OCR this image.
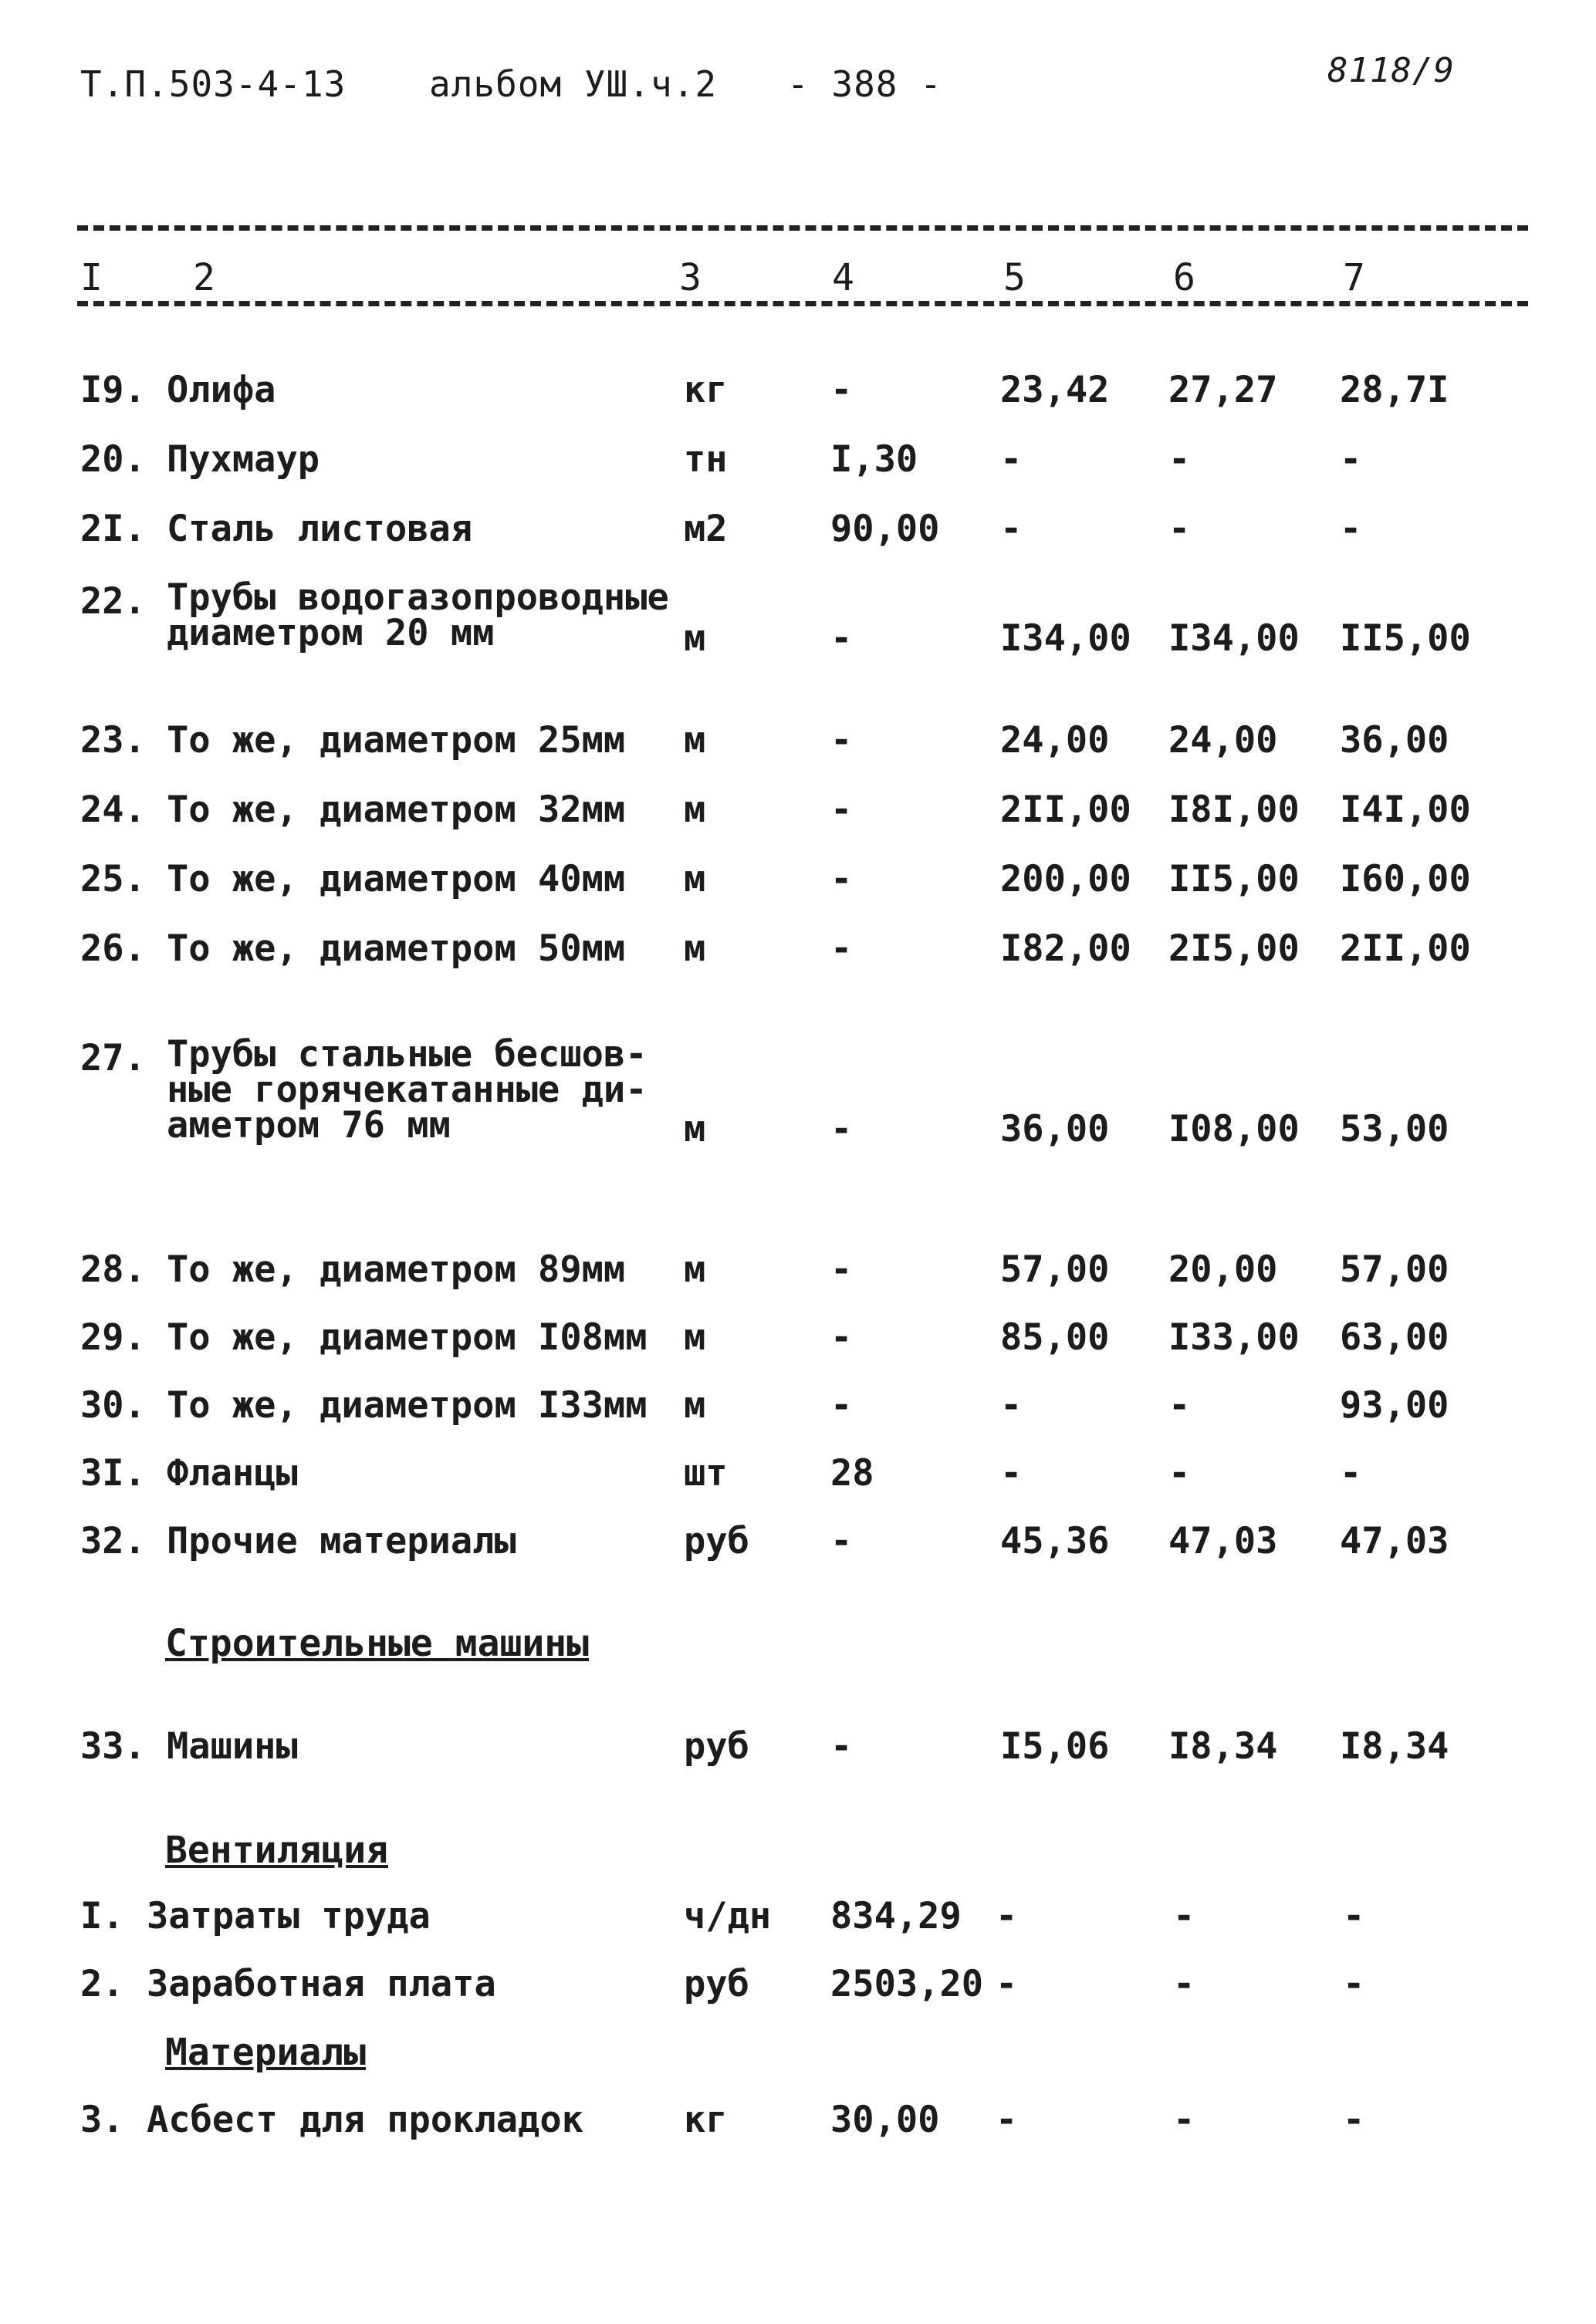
Т.П.503-4-13 альбом УШ.ч.2 - 388 -	8118/9
I 2	3	4	5	6	7
I9. Олифа	кг	-	23,42 27,27 28,7I
20. Пухмаур	тн	I,30 -	-	-
2I. Сталь листовая	м2	90,00 -	-	-
22. Трубы водогазопроводные
диаметром 20 мм	м	-	I34,00 I34,00 II5,00
23. То же, диаметром 25мм м	-	24,00 24,00 36,00
24. То же, диаметром 32мм м	-	2II,00 I8I,00 I4I,00
25. То же, диаметром 40мм м	-	200,00 II5,00 I60,00
26. То же, диаметром 50мм м	-	I82,00 2I5,00 2II,00
27. Трубы стальные бесшов-
ные горячекатанные ди-
аметром 76 мм	м	-	36,00 I08,00 53,00
28. То же, диаметром 89мм м	-	57,00 20,00 57,00
29. То же, диаметром I08мм м	-	85,00 I33,00 63,00
30. То же, диаметром I33мм м	-	-	-	93,00
3I. Фланцы	шт	28	-	-	-
32. Прочие материалы	руб -	45,36 47,03 47,03
Строительные машины
33. Машины	руб -	I5,06 I8,34 I8,34
Вентиляция
I. Затраты труда	ч/дн 834,29 -	-	-
2. Заработная плата	руб 2503,20 -	-	-
Материалы
3. Асбест для прокладок	кг	30,00 -	-	-
